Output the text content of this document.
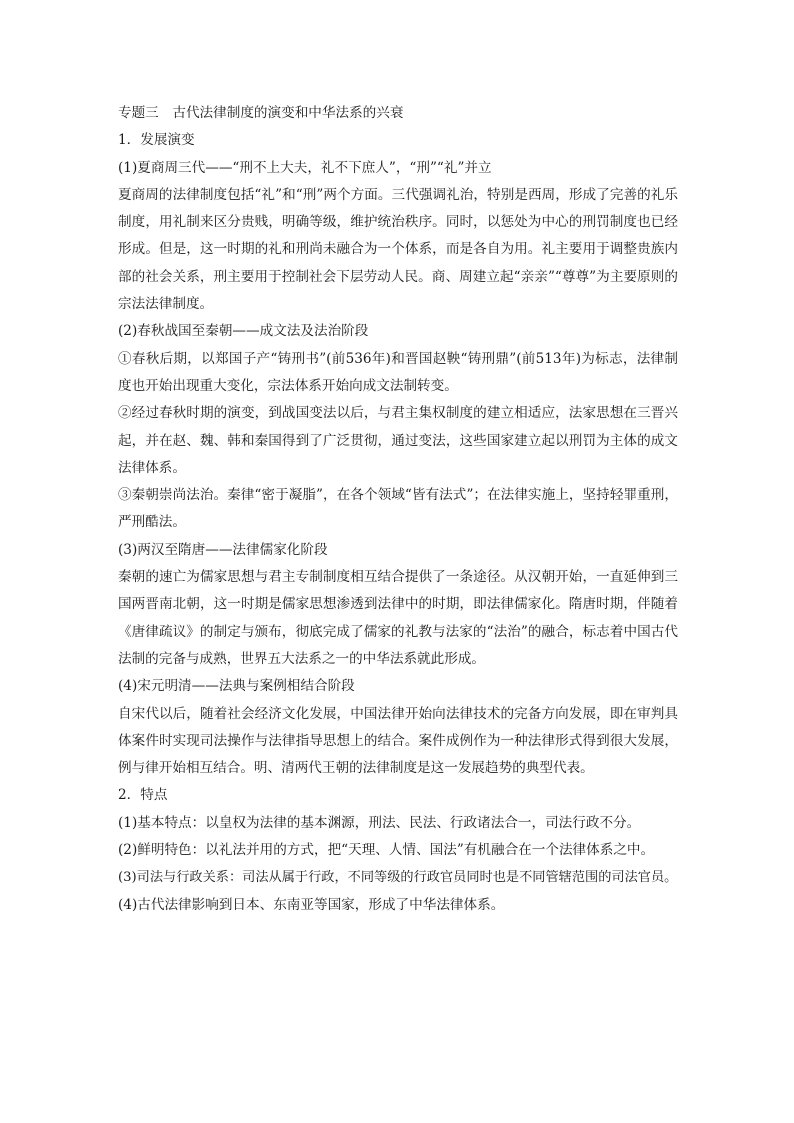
专题三　古代法律制度的演变和中华法系的兴衰

1．发展演变

(1)夏商周三代——“刑不上大夫，礼不下庶人”，“刑”“礼”并立

夏商周的法律制度包括“礼”和“刑”两个方面。三代强调礼治，特别是西周，形成了完善的礼乐制度，用礼制来区分贵贱，明确等级，维护统治秩序。同时，以惩处为中心的刑罚制度也已经形成。但是，这一时期的礼和刑尚未融合为一个体系，而是各自为用。礼主要用于调整贵族内部的社会关系，刑主要用于控制社会下层劳动人民。商、周建立起“亲亲”“尊尊”为主要原则的宗法法律制度。

(2)春秋战国至秦朝——成文法及法治阶段

①春秋后期，以郑国子产“铸刑书”(前536年)和晋国赵鞅“铸刑鼎”(前513年)为标志，法律制度也开始出现重大变化，宗法体系开始向成文法制转变。

②经过春秋时期的演变，到战国变法以后，与君主集权制度的建立相适应，法家思想在三晋兴起，并在赵、魏、韩和秦国得到了广泛贯彻，通过变法，这些国家建立起以刑罚为主体的成文法律体系。

③秦朝崇尚法治。秦律“密于凝脂”，在各个领域“皆有法式”；在法律实施上，坚持轻罪重刑，严刑酷法。

(3)两汉至隋唐——法律儒家化阶段

秦朝的速亡为儒家思想与君主专制制度相互结合提供了一条途径。从汉朝开始，一直延伸到三国两晋南北朝，这一时期是儒家思想渗透到法律中的时期，即法律儒家化。隋唐时期，伴随着《唐律疏议》的制定与颁布，彻底完成了儒家的礼教与法家的“法治”的融合，标志着中国古代法制的完备与成熟，世界五大法系之一的中华法系就此形成。

(4)宋元明清——法典与案例相结合阶段

自宋代以后，随着社会经济文化发展，中国法律开始向法律技术的完备方向发展，即在审判具体案件时实现司法操作与法律指导思想上的结合。案件成例作为一种法律形式得到很大发展，例与律开始相互结合。明、清两代王朝的法律制度是这一发展趋势的典型代表。

2．特点

(1)基本特点：以皇权为法律的基本渊源，刑法、民法、行政诸法合一，司法行政不分。

(2)鲜明特色：以礼法并用的方式，把“天理、人情、国法”有机融合在一个法律体系之中。

(3)司法与行政关系：司法从属于行政，不同等级的行政官员同时也是不同管辖范围的司法官员。

(4)古代法律影响到日本、东南亚等国家，形成了中华法律体系。
